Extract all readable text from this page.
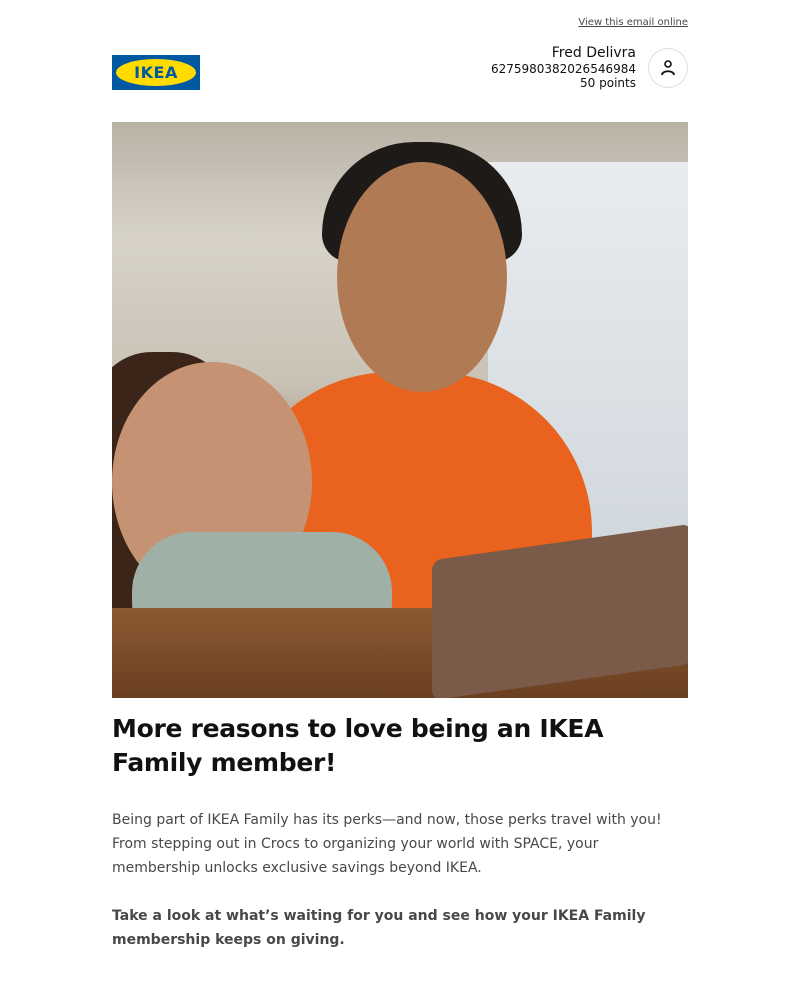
View this email online
IKEA
Fred Delivra
6275980382026546984
50 points
More reasons to love being an IKEA Family member!

Being part of IKEA Family has its perks—and now, those perks travel with you! From stepping out in Crocs to organizing your world with SPACE, your membership unlocks exclusive savings beyond IKEA.

Take a look at what’s waiting for you and see how your IKEA Family membership keeps on giving.
